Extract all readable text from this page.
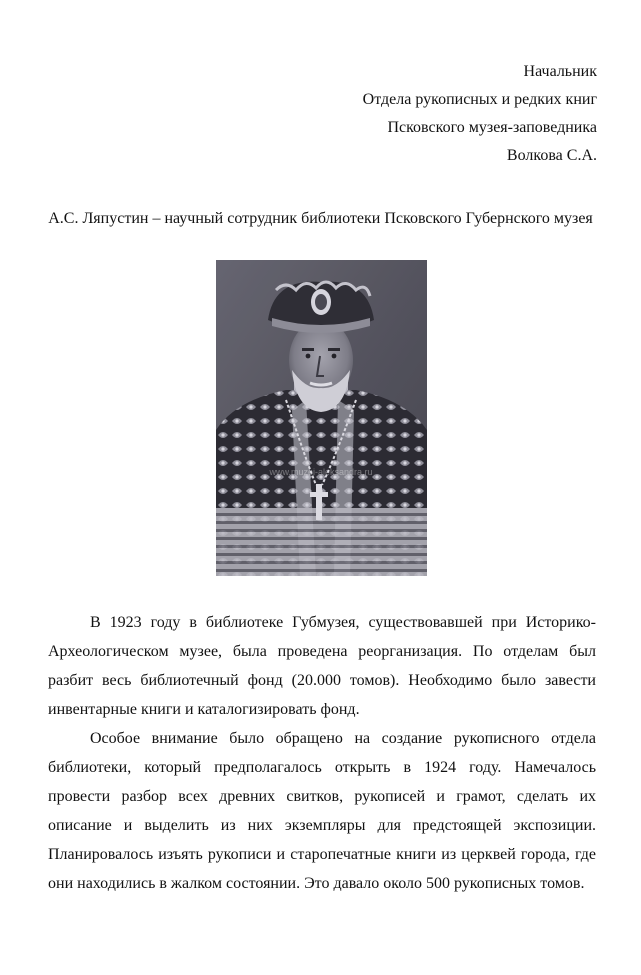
Начальник
Отдела рукописных и редких книг
Псковского музея-заповедника
Волкова С.А.
А.С. Ляпустин – научный сотрудник библиотеки Псковского Губернского музея
www.muzei-aleksandra.ru

В 1923 году в библиотеке Губмузея, существовавшей при Историко-Археологическом музее, была проведена реорганизация. По отделам был разбит весь библиотечный фонд (20.000 томов). Необходимо было завести инвентарные книги и каталогизировать фонд.

Особое внимание было обращено на создание рукописного отдела библиотеки, который предполагалось открыть в 1924 году. Намечалось провести разбор всех древних свитков, рукописей и грамот, сделать их описание и выделить из них экземпляры для предстоящей экспозиции. Планировалось изъять рукописи и старопечатные книги из церквей города, где они находились в жалком состоянии. Это давало около 500 рукописных томов.
